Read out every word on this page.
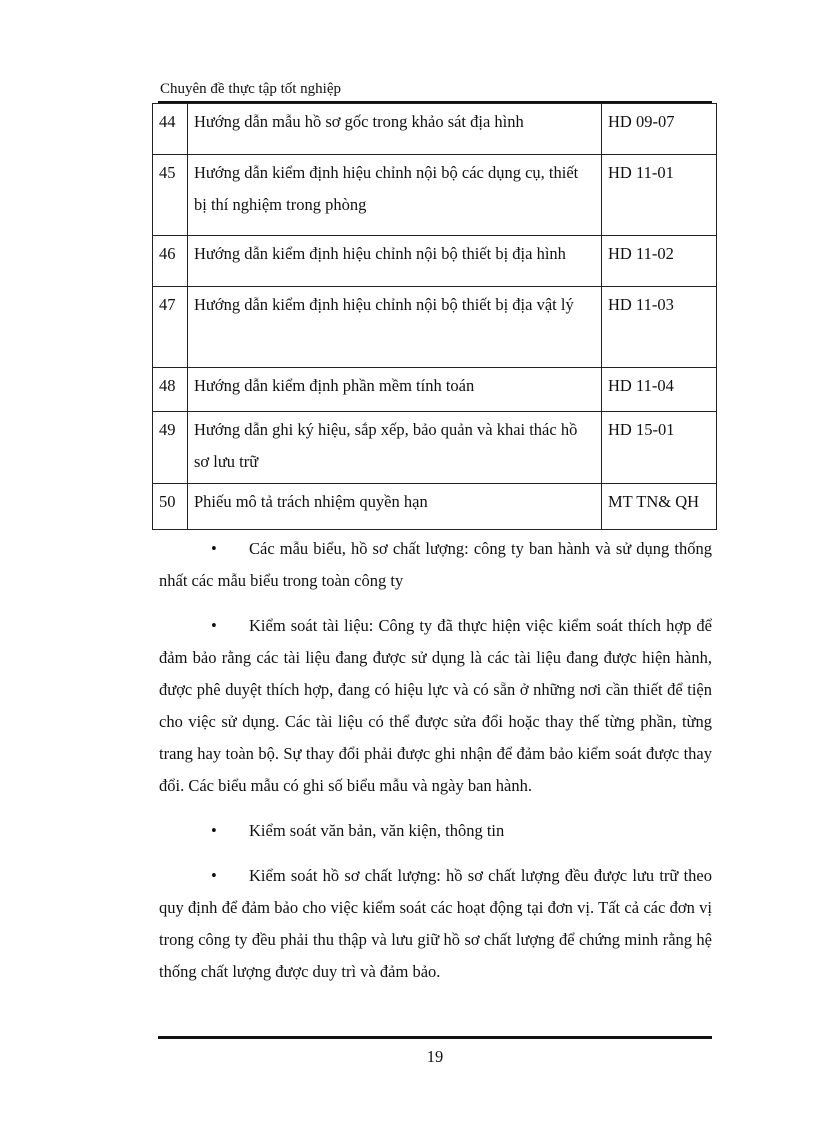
Chuyên đề thực tập tốt nghiệp
44	Hướng dẫn mẫu hồ sơ gốc trong khảo sát địa hình	HD 09-07

45	Hướng dẫn kiểm định hiệu chỉnh nội bộ các dụng cụ, thiết bị thí nghiệm trong phòng	HD 11-01

46	Hướng dẫn kiểm định hiệu chỉnh nội bộ thiết bị địa hình	HD 11-02

47	Hướng dẫn kiểm định hiệu chỉnh nội bộ thiết bị địa vật lý	HD 11-03

48	Hướng dẫn kiểm định phần mềm tính toán	HD 11-04

49	Hướng dẫn ghi ký hiệu, sắp xếp, bảo quản và khai thác hồ sơ lưu trữ	HD 15-01

50	Phiếu mô tả trách nhiệm quyền hạn	MT TN& QH

• Các mẫu biểu, hồ sơ chất lượng: công ty ban hành và sử dụng thống nhất các mẫu biểu trong toàn công ty

• Kiểm soát tài liệu: Công ty đã thực hiện việc kiểm soát thích hợp để đảm bảo rằng các tài liệu đang được sử dụng là các tài liệu đang được hiện hành, được phê duyệt thích hợp, đang có hiệu lực và có sẵn ở những nơi cần thiết để tiện cho việc sử dụng. Các tài liệu có thể được sửa đổi hoặc thay thế từng phần, từng trang hay toàn bộ. Sự thay đổi phải được ghi nhận để đảm bảo kiểm soát được thay đổi. Các biểu mẫu có ghi số biểu mẫu và ngày ban hành.

• Kiểm soát văn bản, văn kiện, thông tin

• Kiểm soát hồ sơ chất lượng: hồ sơ chất lượng đều được lưu trữ theo quy định để đảm bảo cho việc kiểm soát các hoạt động tại đơn vị. Tất cả các đơn vị trong công ty đều phải thu thập và lưu giữ hồ sơ chất lượng để chứng minh rằng hệ thống chất lượng được duy trì và đảm bảo.

19
